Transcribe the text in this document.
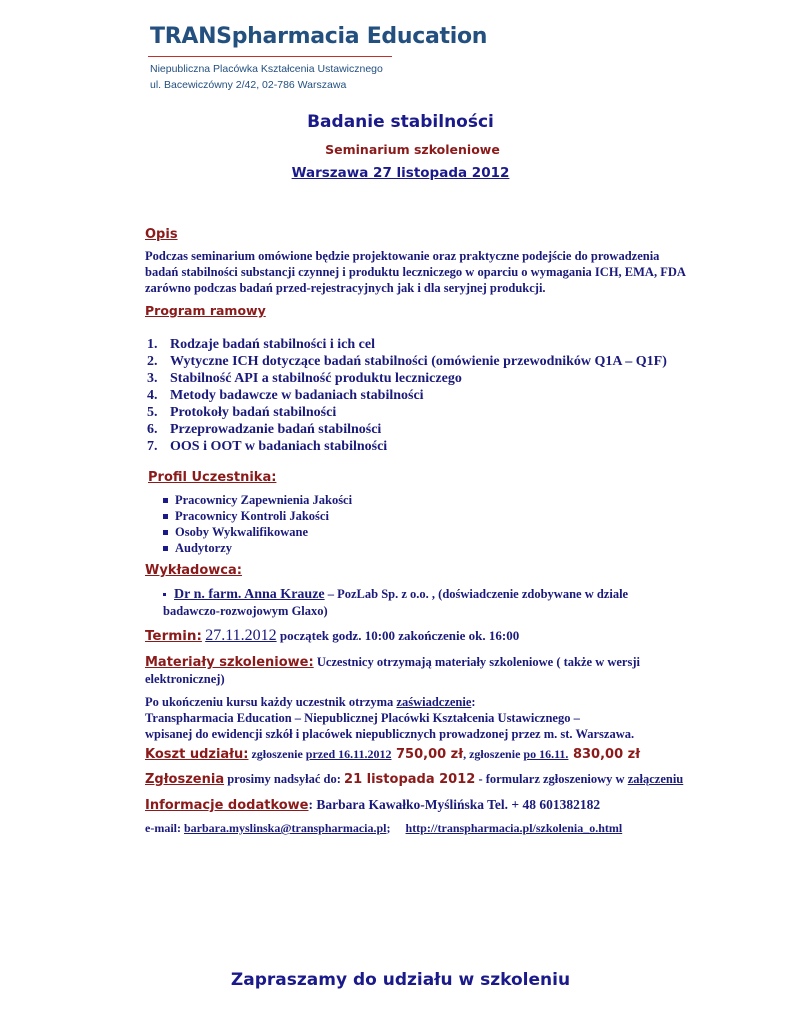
TRANSpharmacia Education
Niepubliczna Placówka Kształcenia Ustawicznego
ul. Bacewiczówny 2/42, 02-786 Warszawa
Badanie stabilności
Seminarium szkoleniowe
Warszawa 27 listopada 2012
Opis
Podczas seminarium omówione będzie projektowanie oraz praktyczne podejście do prowadzenia
badań stabilności substancji czynnej i produktu leczniczego w oparciu o wymagania ICH, EMA, FDA
zarówno podczas badań przed-rejestracyjnych jak i dla seryjnej produkcji.
Program ramowy
1. Rodzaje badań stabilności i ich cel
2. Wytyczne ICH dotyczące badań stabilności (omówienie przewodników Q1A – Q1F)
3. Stabilność API a stabilność produktu leczniczego
4. Metody badawcze w badaniach stabilności
5. Protokoły badań stabilności
6. Przeprowadzanie badań stabilności
7. OOS i OOT w badaniach stabilności
Profil Uczestnika:
Pracownicy Zapewnienia Jakości
Pracownicy Kontroli Jakości
Osoby Wykwalifikowane
Audytorzy
Wykładowca:
Dr n. farm. Anna Krauze – PozLab Sp. z o.o. , (doświadczenie zdobywane w dziale
badawczo-rozwojowym Glaxo)
Termin: 27.11.2012 początek godz. 10:00 zakończenie ok. 16:00
Materiały szkoleniowe: Uczestnicy otrzymają materiały szkoleniowe ( także w wersji
elektronicznej)
Po ukończeniu kursu każdy uczestnik otrzyma zaświadczenie:
Transpharmacia Education – Niepublicznej Placówki Kształcenia Ustawicznego –
wpisanej do ewidencji szkół i placówek niepublicznych prowadzonej przez m. st. Warszawa.
Koszt udziału: zgłoszenie przed 16.11.2012 750,00 zł, zgłoszenie po 16.11. 830,00 zł
Zgłoszenia prosimy nadsyłać do: 21 listopada 2012 - formularz zgłoszeniowy w załączeniu
Informacje dodatkowe: Barbara Kawałko-Myślińska Tel. + 48 601382182
e-mail: barbara.myslinska@transpharmacia.pl;     http://transpharmacia.pl/szkolenia_o.html
Zapraszamy do udziału w szkoleniu
